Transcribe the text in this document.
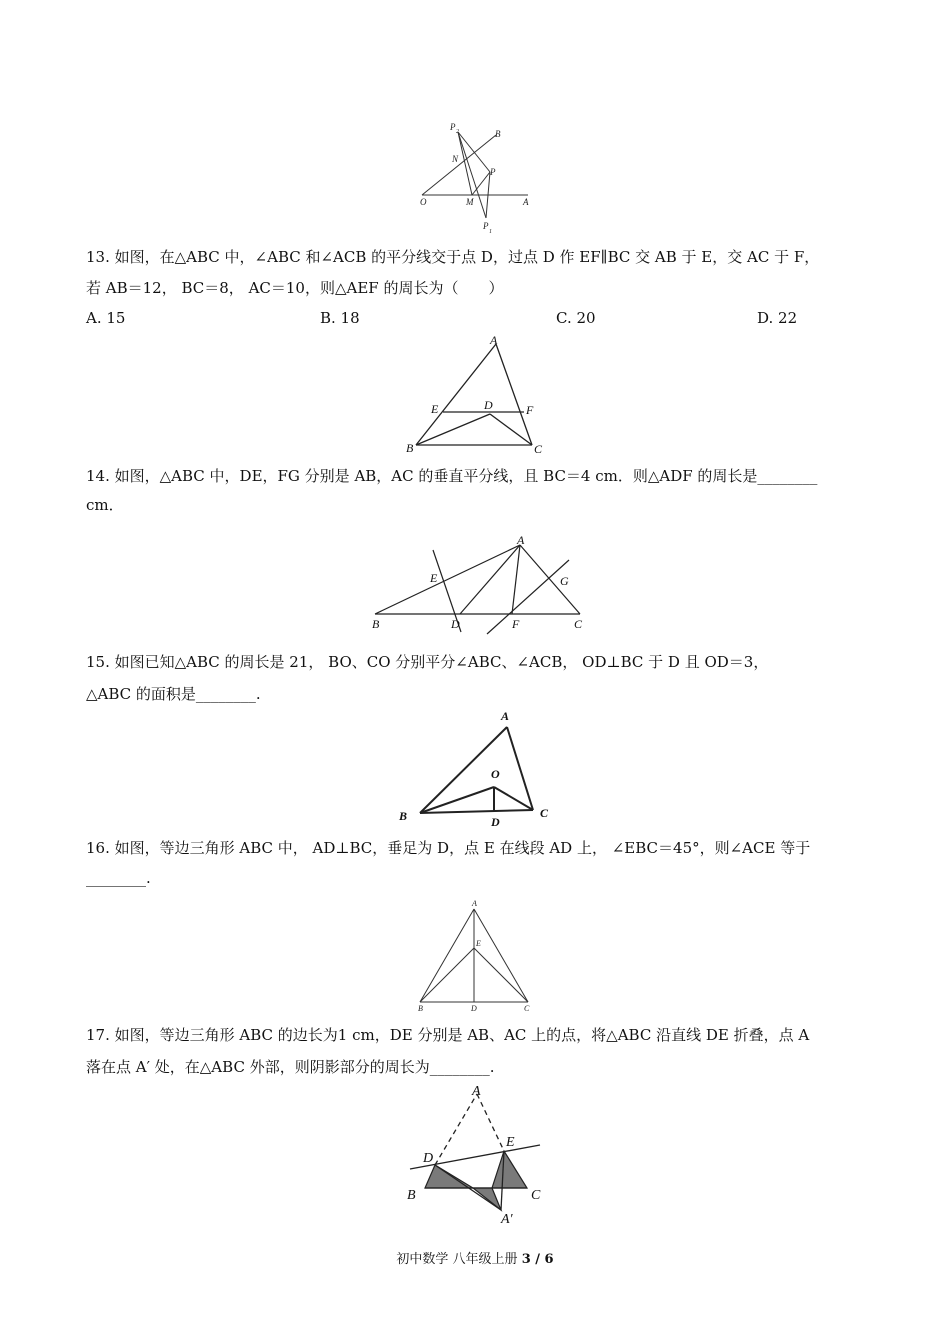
P 2	B
N
P
O	M	A
P
1
13. 如图，在△ABC 中，∠ABC 和∠ACB 的平分线交于点 D，过点 D 作 EF∥BC 交 AB 于 E，交 AC 于 F，
若 AB＝12， BC＝8， AC＝10，则△AEF 的周长为（　　）
A. 15	B. 18	C. 20	D. 22
A
E	D	F
B	C
14. 如图，△ABC 中，DE，FG 分别是 AB，AC 的垂直平分线，且 BC＝4 cm．则△ADF 的周长是________
cm．
A
E	G
B	D	F	C
15. 如图已知△ABC 的周长是 21， BO、CO 分别平分∠ABC、∠ACB， OD⊥BC 于 D 且 OD＝3，
△ABC 的面积是________.
A
O
B	D
C
16. 如图，等边三角形 ABC 中， AD⊥BC，垂足为 D，点 E 在线段 AD 上， ∠EBC＝45°，则∠ACE 等于
________.
A
E
B	D	C
17. 如图，等边三角形 ABC 的边长为1 cm，DE 分别是 AB、AC 上的点，将△ABC 沿直线 DE 折叠，点 A
落在点 A′ 处，在△ABC 外部，则阴影部分的周长为________.
A
D
E
B	C
A′
初中数学 八年级上册 3 / 6
